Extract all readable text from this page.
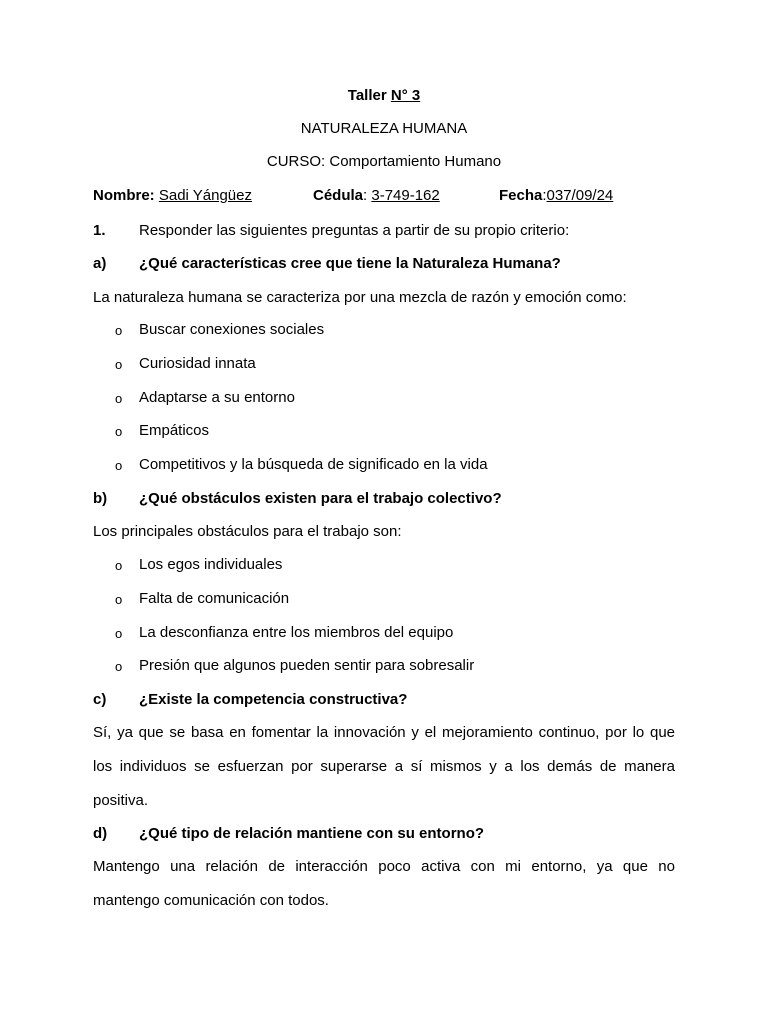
Taller N° 3
NATURALEZA HUMANA
CURSO: Comportamiento Humano
Nombre: Sadi Yángüez	Cédula: 3-749-162	Fecha:037/09/24
1. Responder las siguientes preguntas a partir de su propio criterio:
a) ¿Qué características cree que tiene la Naturaleza Humana?
La naturaleza humana se caracteriza por una mezcla de razón y emoción como:
o Buscar conexiones sociales
o Curiosidad innata
o Adaptarse a su entorno
o Empáticos
o Competitivos y la búsqueda de significado en la vida
b) ¿Qué obstáculos existen para el trabajo colectivo?
Los principales obstáculos para el trabajo son:
o Los egos individuales
o Falta de comunicación
o La desconfianza entre los miembros del equipo
o Presión que algunos pueden sentir para sobresalir
c) ¿Existe la competencia constructiva?
Sí, ya que se basa en fomentar la innovación y el mejoramiento continuo, por lo que
los individuos se esfuerzan por superarse a sí mismos y a los demás de manera
positiva.
d) ¿Qué tipo de relación mantiene con su entorno?
Mantengo una relación de interacción poco activa con mi entorno, ya que no
mantengo comunicación con todos.
